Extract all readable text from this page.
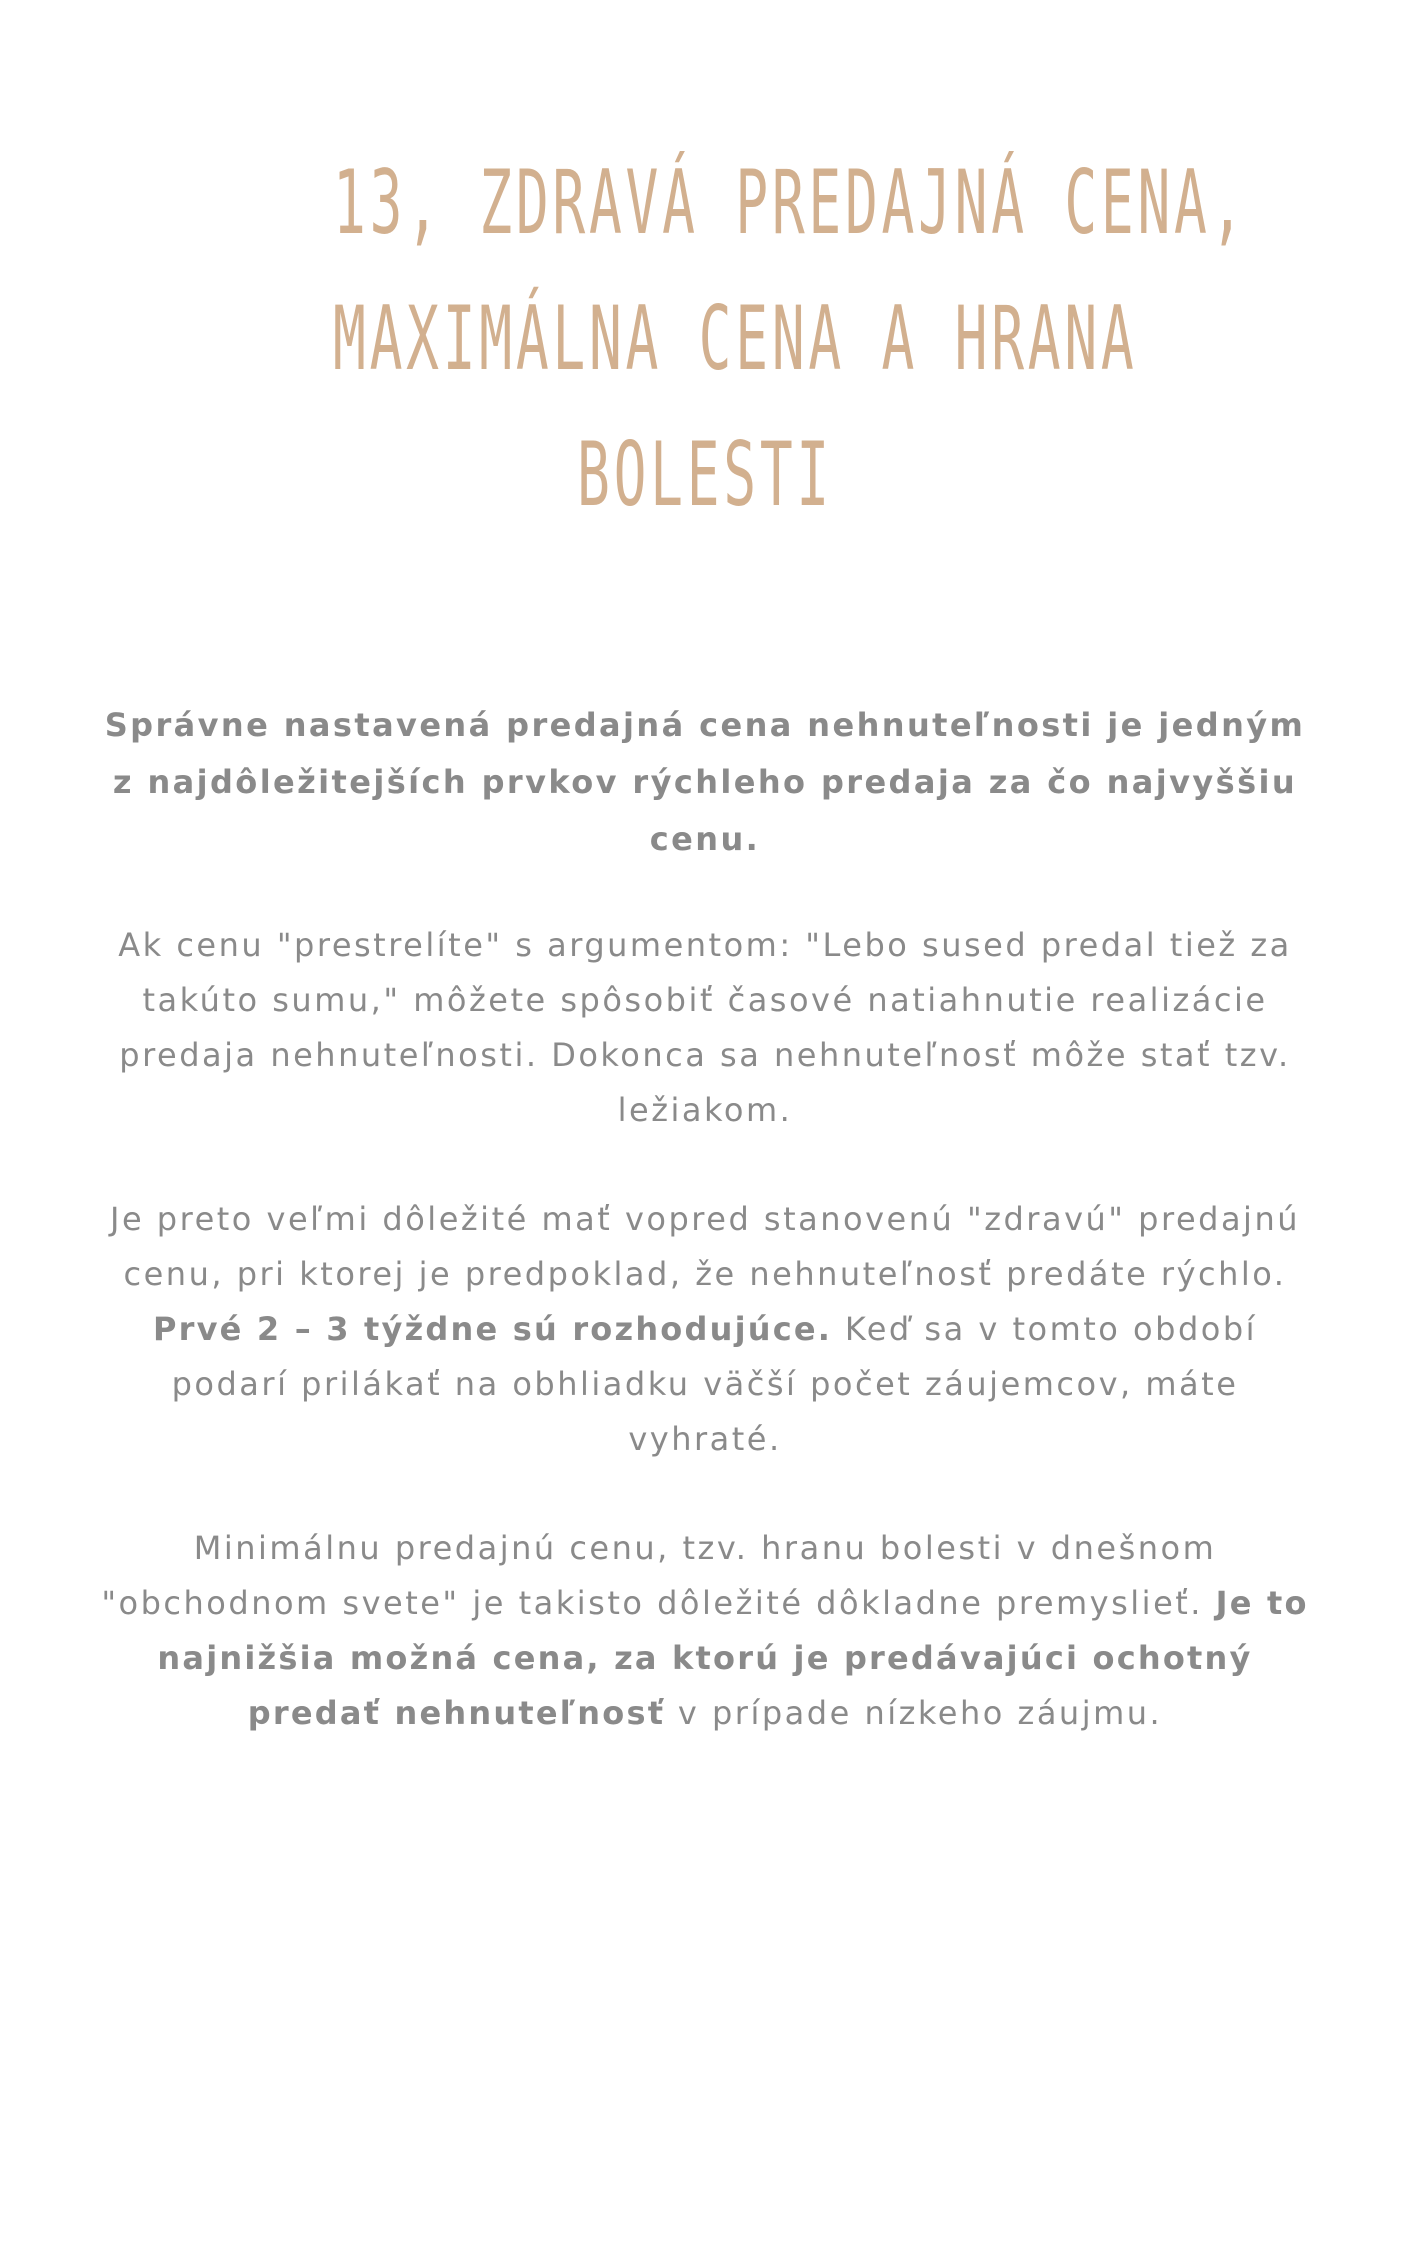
13, ZDRAVÁ PREDAJNÁ CENA,
MAXIMÁLNA CENA A HRANA
BOLESTI

Správne nastavená predajná cena nehnuteľnosti je jedným z najdôležitejších prvkov rýchleho predaja za čo najvyššiu cenu.

Ak cenu "prestrelíte" s argumentom: "Lebo sused predal tiež za takúto sumu," môžete spôsobiť časové natiahnutie realizácie predaja nehnuteľnosti. Dokonca sa nehnuteľnosť môže stať tzv. ležiakom.

Je preto veľmi dôležité mať vopred stanovenú "zdravú" predajnú cenu, pri ktorej je predpoklad, že nehnuteľnosť predáte rýchlo. Prvé 2 – 3 týždne sú rozhodujúce. Keď sa v tomto období podarí prilákať na obhliadku väčší počet záujemcov, máte vyhraté.

Minimálnu predajnú cenu, tzv. hranu bolesti v dnešnom "obchodnom svete" je takisto dôležité dôkladne premyslieť. Je to najnižšia možná cena, za ktorú je predávajúci ochotný predať nehnuteľnosť v prípade nízkeho záujmu.
